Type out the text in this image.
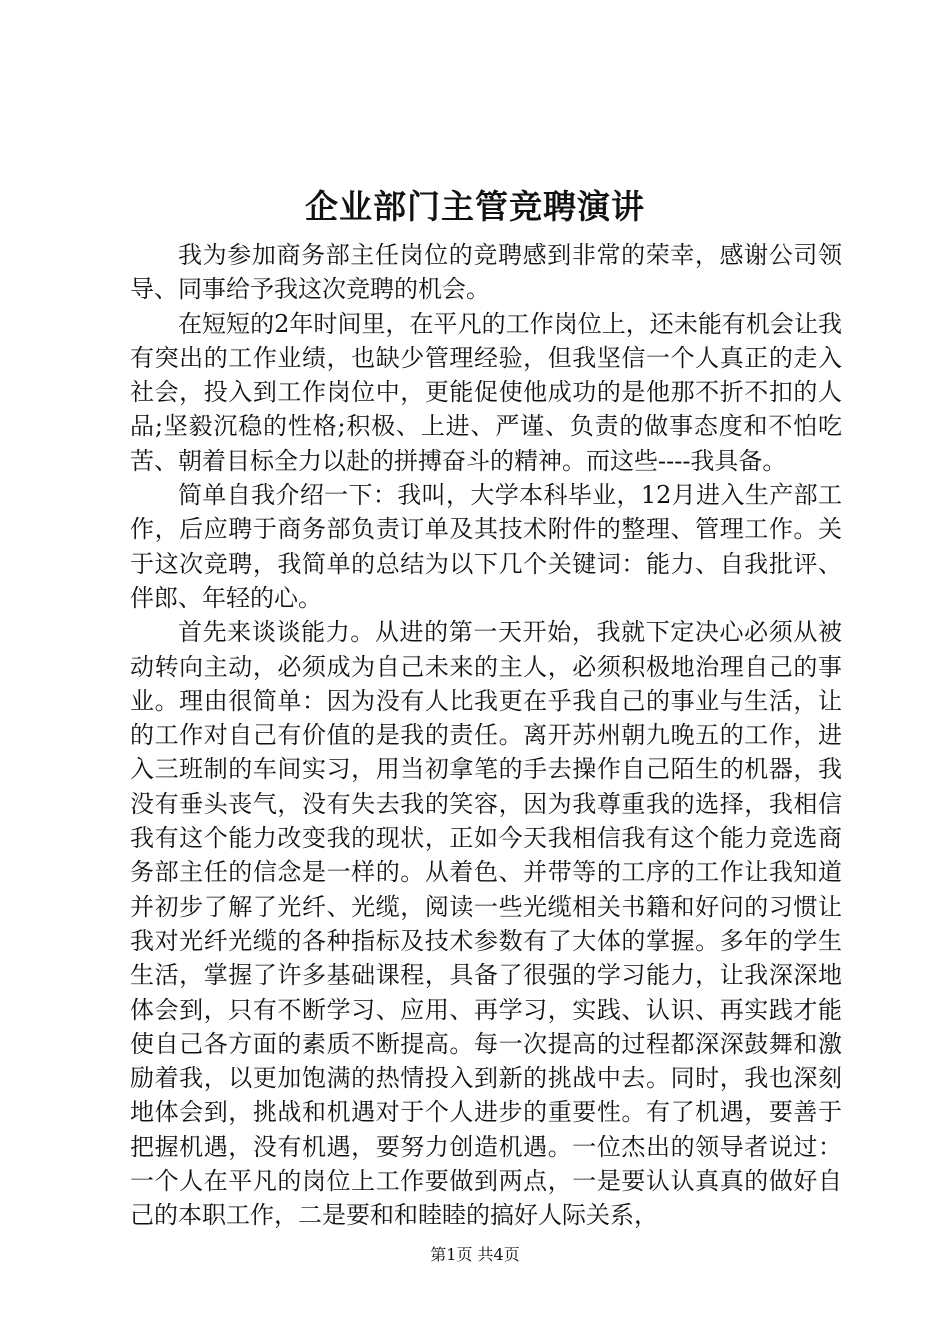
企业部门主管竞聘演讲

我为参加商务部主任岗位的竞聘感到非常的荣幸，感谢公司领导、同事给予我这次竞聘的机会。

在短短的2年时间里，在平凡的工作岗位上，还未能有机会让我有突出的工作业绩，也缺少管理经验，但我坚信一个人真正的走入社会，投入到工作岗位中，更能促使他成功的是他那不折不扣的人品;坚毅沉稳的性格;积极、上进、严谨、负责的做事态度和不怕吃苦、朝着目标全力以赴的拼搏奋斗的精神。而这些----我具备。

简单自我介绍一下：我叫，大学本科毕业，12月进入生产部工作，后应聘于商务部负责订单及其技术附件的整理、管理工作。关于这次竞聘，我简单的总结为以下几个关键词：能力、自我批评、伴郎、年轻的心。

首先来谈谈能力。从进的第一天开始，我就下定决心必须从被动转向主动，必须成为自己未来的主人，必须积极地治理自己的事业。理由很简单：因为没有人比我更在乎我自己的事业与生活，让的工作对自己有价值的是我的责任。离开苏州朝九晚五的工作，进入三班制的车间实习，用当初拿笔的手去操作自己陌生的机器，我没有垂头丧气，没有失去我的笑容，因为我尊重我的选择，我相信我有这个能力改变我的现状，正如今天我相信我有这个能力竞选商务部主任的信念是一样的。从着色、并带等的工序的工作让我知道并初步了解了光纤、光缆，阅读一些光缆相关书籍和好问的习惯让我对光纤光缆的各种指标及技术参数有了大体的掌握。多年的学生生活，掌握了许多基础课程，具备了很强的学习能力，让我深深地体会到，只有不断学习、应用、再学习，实践、认识、再实践才能使自己各方面的素质不断提高。每一次提高的过程都深深鼓舞和激励着我，以更加饱满的热情投入到新的挑战中去。同时，我也深刻地体会到，挑战和机遇对于个人进步的重要性。有了机遇，要善于把握机遇，没有机遇，要努力创造机遇。一位杰出的领导者说过：一个人在平凡的岗位上工作要做到两点，一是要认认真真的做好自己的本职工作，二是要和和睦睦的搞好人际关系，

第1页 共4页
